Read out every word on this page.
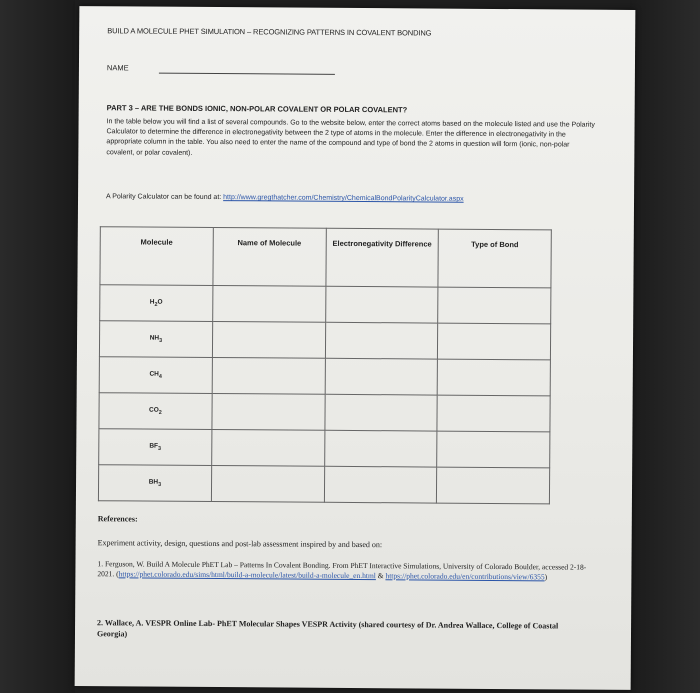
BUILD A MOLECULE PHET SIMULATION – RECOGNIZING PATTERNS IN COVALENT BONDING
NAME
PART 3 – ARE THE BONDS IONIC, NON-POLAR COVALENT OR POLAR COVALENT?
In the table below you will find a list of several compounds. Go to the website below, enter the correct atoms based on the molecule listed and use the Polarity Calculator to determine the difference in electronegativity between the 2 type of atoms in the molecule. Enter the difference in electronegativity in the appropriate column in the table. You also need to enter the name of the compound and type of bond the 2 atoms in question will form (ionic, non-polar covalent, or polar covalent).
A Polarity Calculator can be found at: http://www.gregthatcher.com/Chemistry/ChemicalBondPolarityCalculator.aspx
Molecule	Name of Molecule	Electronegativity Difference	Type of Bond
$H_2O$			
$NH_3$			
$CH_4$			
$CO_2$			
$BF_3$			
$BH_3$			
References:
Experiment activity, design, questions and post-lab assessment inspired by and based on:
1. Ferguson, W. Build A Molecule PhET Lab – Patterns In Covalent Bonding. From PhET Interactive Simulations, University of Colorado Boulder, accessed 2-18-2021. (https://phet.colorado.edu/sims/html/build-a-molecule/latest/build-a-molecule_en.html & https://phet.colorado.edu/en/contributions/view/6355)
2. Wallace, A. VESPR Online Lab- PhET Molecular Shapes VESPR Activity (shared courtesy of Dr. Andrea Wallace, College of Coastal Georgia)
